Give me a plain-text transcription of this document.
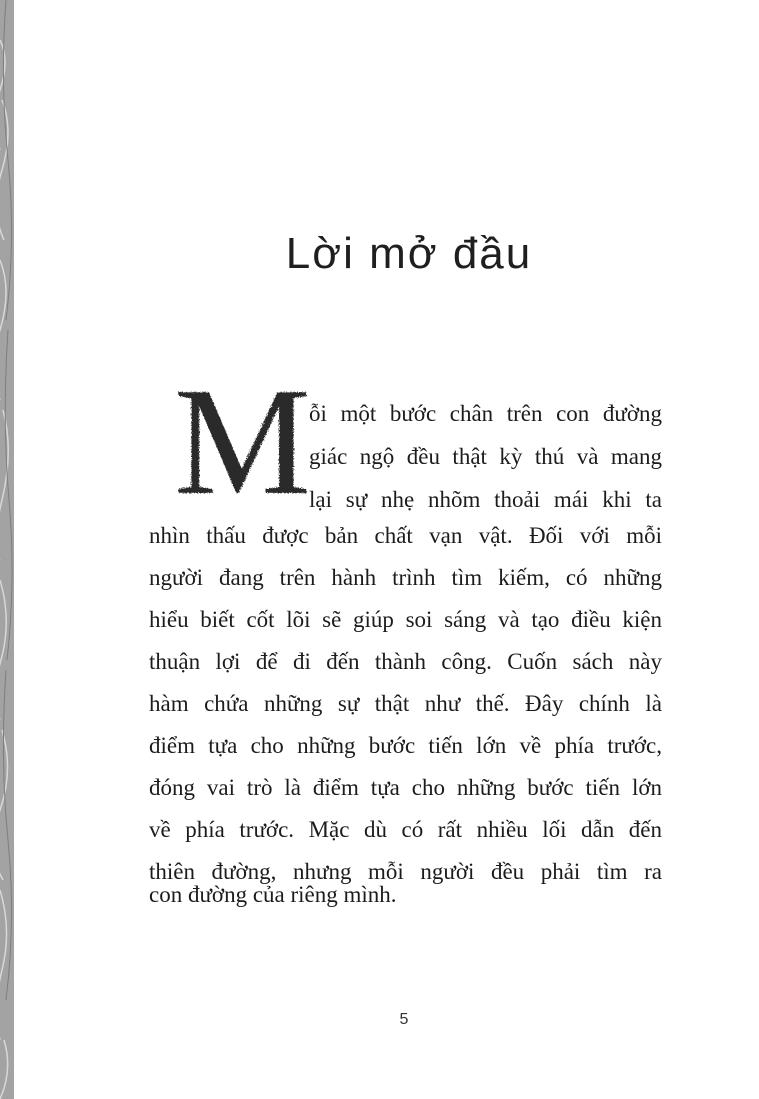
Lời mở đầu
M
ỗi một bước chân trên con đường
giác ngộ đều thật kỳ thú và mang
lại sự nhẹ nhõm thoải mái khi ta
nhìn thấu được bản chất vạn vật. Đối với mỗi
người đang trên hành trình tìm kiếm, có những
hiểu biết cốt lõi sẽ giúp soi sáng và tạo điều kiện
thuận lợi để đi đến thành công. Cuốn sách này
hàm chứa những sự thật như thế. Đây chính là
điểm tựa cho những bước tiến lớn về phía trước,
đóng vai trò là điểm tựa cho những bước tiến lớn
về phía trước. Mặc dù có rất nhiều lối dẫn đến
thiên đường, nhưng mỗi người đều phải tìm ra
con đường của riêng mình.
5
